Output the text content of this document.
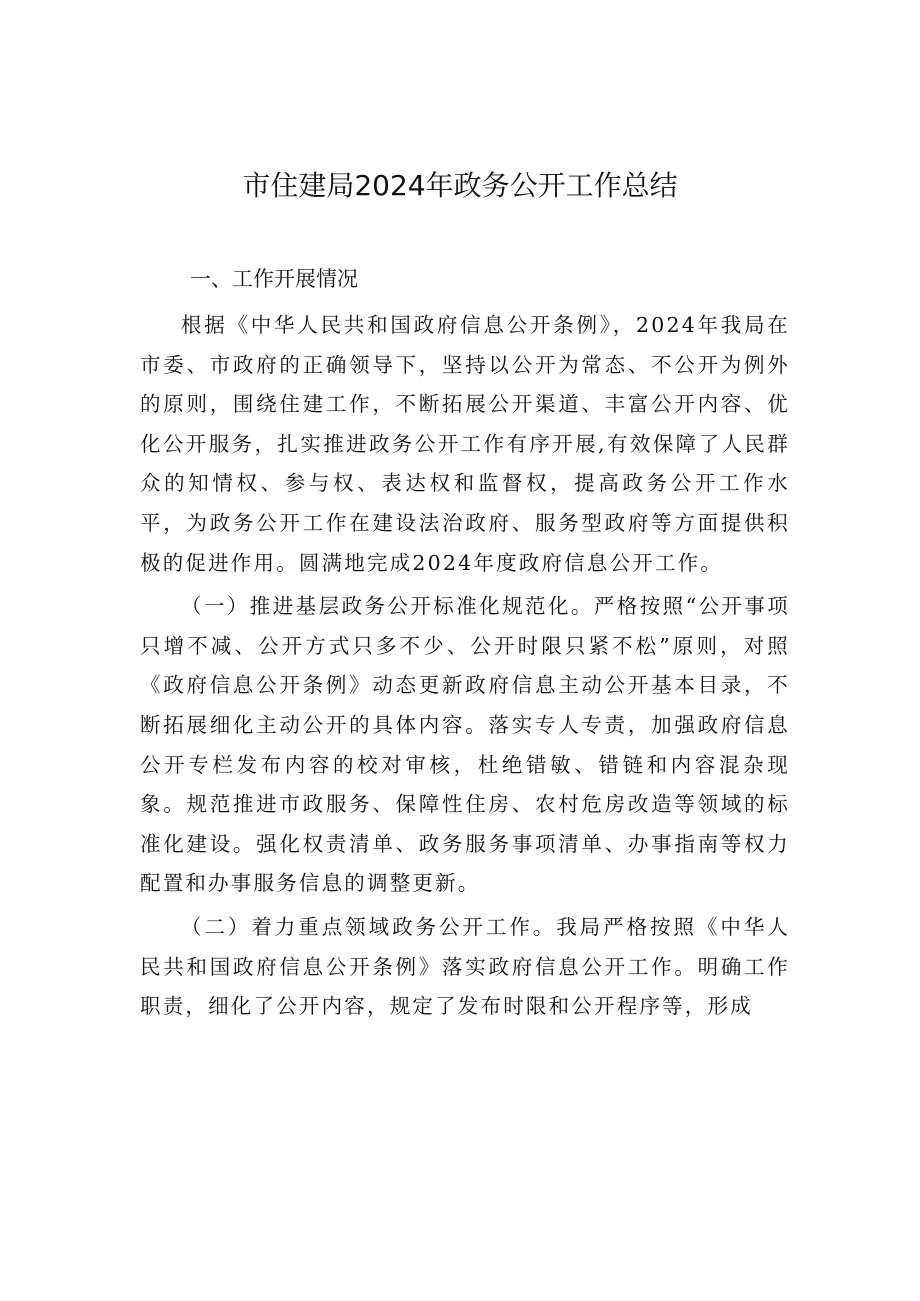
市住建局2024年政务公开工作总结
一、工作开展情况

根据《中华人民共和国政府信息公开条例》，2024年我局在市委、市政府的正确领导下，坚持以公开为常态、不公开为例外的原则，围绕住建工作，不断拓展公开渠道、丰富公开内容、优化公开服务，扎实推进政务公开工作有序开展,有效保障了人民群众的知情权、参与权、表达权和监督权，提高政务公开工作水平，为政务公开工作在建设法治政府、服务型政府等方面提供积极的促进作用。圆满地完成2024年度政府信息公开工作。

（一）推进基层政务公开标准化规范化。严格按照“公开事项只增不减、公开方式只多不少、公开时限只紧不松”原则，对照《政府信息公开条例》动态更新政府信息主动公开基本目录，不断拓展细化主动公开的具体内容。落实专人专责，加强政府信息公开专栏发布内容的校对审核，杜绝错敏、错链和内容混杂现象。规范推进市政服务、保障性住房、农村危房改造等领域的标准化建设。强化权责清单、政务服务事项清单、办事指南等权力配置和办事服务信息的调整更新。

（二）着力重点领域政务公开工作。我局严格按照《中华人民共和国政府信息公开条例》落实政府信息公开工作。明确工作职责，细化了公开内容，规定了发布时限和公开程序等，形成
